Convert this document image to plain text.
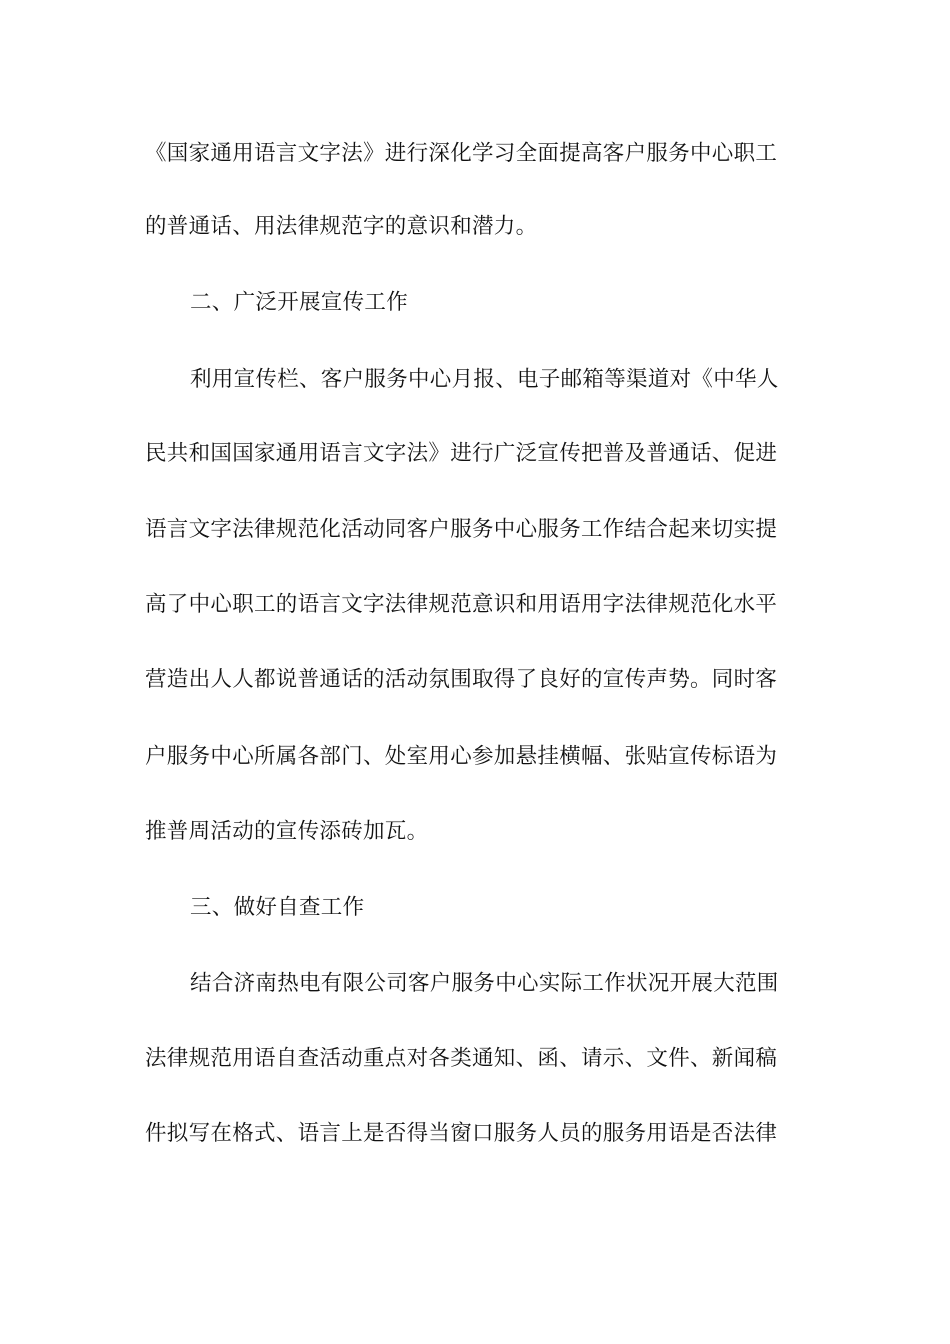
《国家通用语言文字法》进行深化学习全面提高客户服务中心职工
的普通话、用法律规范字的意识和潜力。
二、广泛开展宣传工作
利用宣传栏、客户服务中心月报、电子邮箱等渠道对《中华人
民共和国国家通用语言文字法》进行广泛宣传把普及普通话、促进
语言文字法律规范化活动同客户服务中心服务工作结合起来切实提
高了中心职工的语言文字法律规范意识和用语用字法律规范化水平
营造出人人都说普通话的活动氛围取得了良好的宣传声势。同时客
户服务中心所属各部门、处室用心参加悬挂横幅、张贴宣传标语为
推普周活动的宣传添砖加瓦。
三、做好自查工作
结合济南热电有限公司客户服务中心实际工作状况开展大范围
法律规范用语自查活动重点对各类通知、函、请示、文件、新闻稿
件拟写在格式、语言上是否得当窗口服务人员的服务用语是否法律
